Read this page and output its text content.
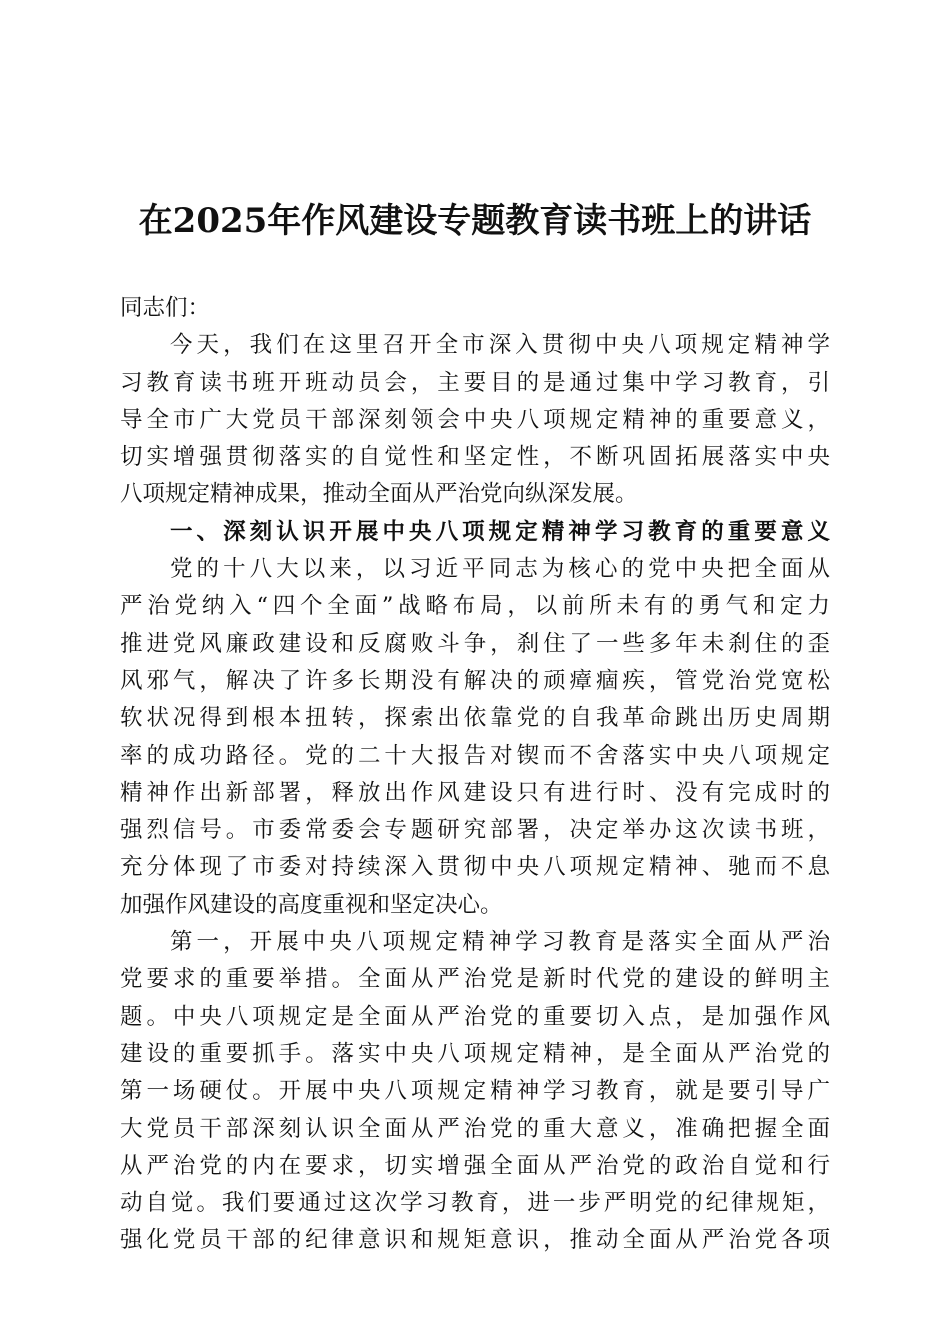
在2025年作风建设专题教育读书班上的讲话
同志们：
今天，我们在这里召开全市深入贯彻中央八项规定精神学
习教育读书班开班动员会，主要目的是通过集中学习教育，引
导全市广大党员干部深刻领会中央八项规定精神的重要意义，
切实增强贯彻落实的自觉性和坚定性，不断巩固拓展落实中央
八项规定精神成果，推动全面从严治党向纵深发展。
一、深刻认识开展中央八项规定精神学习教育的重要意义
党的十八大以来，以习近平同志为核心的党中央把全面从
严治党纳入“四个全面”战略布局，以前所未有的勇气和定力
推进党风廉政建设和反腐败斗争，刹住了一些多年未刹住的歪
风邪气，解决了许多长期没有解决的顽瘴痼疾，管党治党宽松
软状况得到根本扭转，探索出依靠党的自我革命跳出历史周期
率的成功路径。党的二十大报告对锲而不舍落实中央八项规定
精神作出新部署，释放出作风建设只有进行时、没有完成时的
强烈信号。市委常委会专题研究部署，决定举办这次读书班，
充分体现了市委对持续深入贯彻中央八项规定精神、驰而不息
加强作风建设的高度重视和坚定决心。
第一，开展中央八项规定精神学习教育是落实全面从严治
党要求的重要举措。全面从严治党是新时代党的建设的鲜明主
题。中央八项规定是全面从严治党的重要切入点，是加强作风
建设的重要抓手。落实中央八项规定精神，是全面从严治党的
第一场硬仗。开展中央八项规定精神学习教育，就是要引导广
大党员干部深刻认识全面从严治党的重大意义，准确把握全面
从严治党的内在要求，切实增强全面从严治党的政治自觉和行
动自觉。我们要通过这次学习教育，进一步严明党的纪律规矩，
强化党员干部的纪律意识和规矩意识，推动全面从严治党各项
